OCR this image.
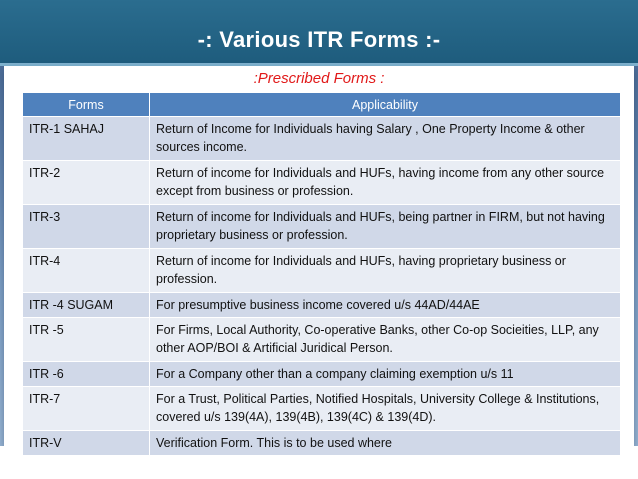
-: Various ITR Forms :-
:Prescribed Forms :
Forms	Applicability
ITR-1 SAHAJ	Return of Income for Individuals having Salary , One Property Income & other sources income.
ITR-2	Return of income for Individuals and HUFs, having income from any other source except from business or profession.
ITR-3	Return of income for Individuals and HUFs, being partner in FIRM, but not having proprietary business or profession.
ITR-4	Return of income for Individuals and HUFs, having proprietary business or profession.
ITR -4 SUGAM	For presumptive business income covered u/s 44AD/44AE
ITR -5	For Firms, Local Authority, Co-operative Banks, other Co-op Socieities, LLP, any other AOP/BOI & Artificial Juridical Person.
ITR -6	For a Company other than a company claiming exemption u/s 11
ITR-7	For a Trust, Political Parties, Notified Hospitals, University College & Institutions, covered u/s 139(4A), 139(4B), 139(4C) & 139(4D).
ITR-V	Verification Form. This is to be used where
